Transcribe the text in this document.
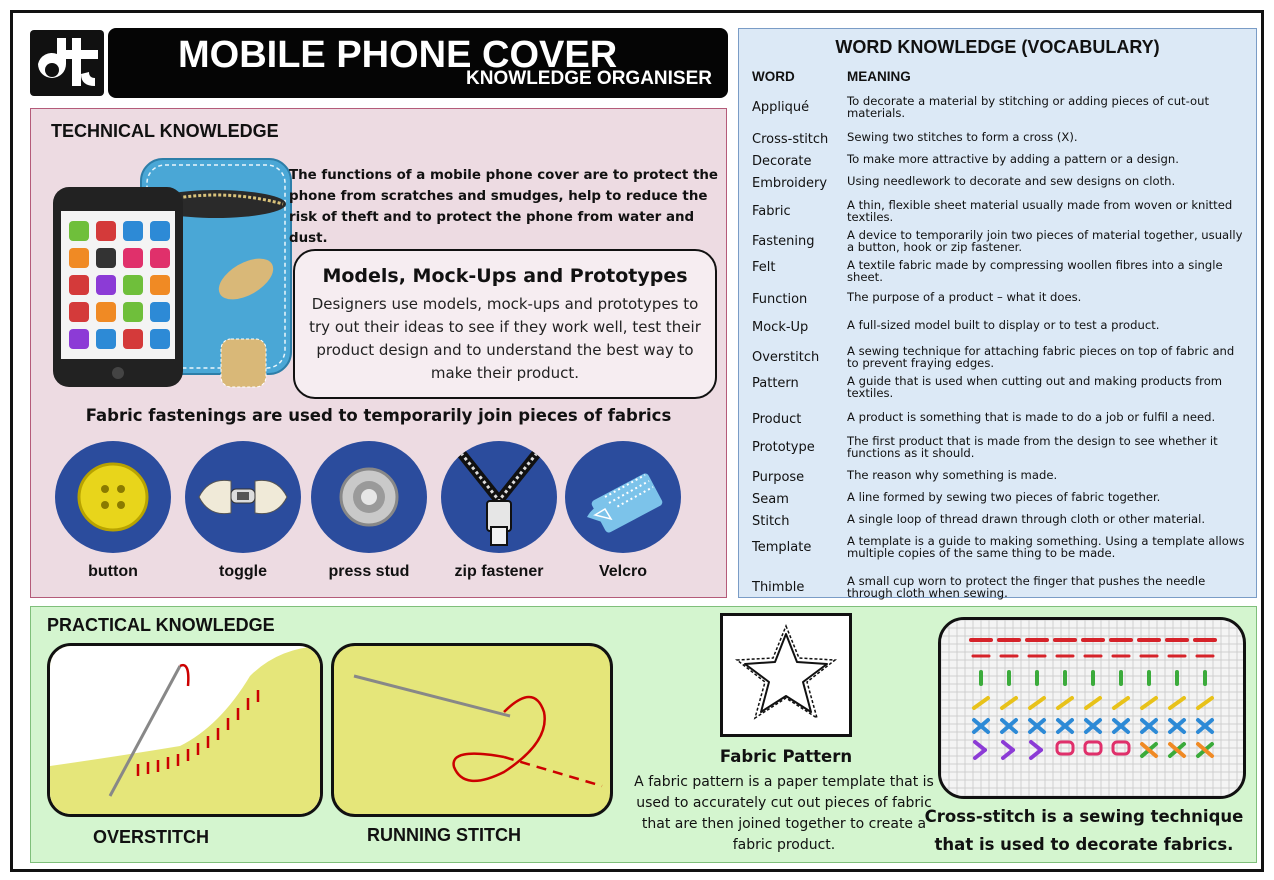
MOBILE PHONE COVER
KNOWLEDGE ORGANISER
TECHNICAL KNOWLEDGE
The functions of a mobile phone cover are to protect the phone from scratches and smudges, help to reduce the risk of theft and to protect the phone from water and dust.
Models, Mock-Ups and Prototypes
Designers use models, mock-ups and prototypes to try out their ideas to see if they work well, test their product design and to understand the best way to make their product.
Fabric fastenings are used to temporarily join pieces of fabrics
button	toggle	press stud	zip fastener	Velcro
WORD KNOWLEDGE (VOCABULARY)
WORD	MEANING
Appliqué	To decorate a material by stitching or adding pieces of cut-out materials.
Cross-stitch Sewing two stitches to form a cross (X).
Decorate	To make more attractive by adding a pattern or a design.
Embroidery Using needlework to decorate and sew designs on cloth.
Fabric	A thin, flexible sheet material usually made from woven or knitted textiles.
Fastening	A device to temporarily join two pieces of material together, usually a button, hook or zip fastener.
Felt	A textile fabric made by compressing woollen fibres into a single sheet.
Function	The purpose of a product – what it does.
Mock-Up	A full-sized model built to display or to test a product.
Overstitch A sewing technique for attaching fabric pieces on top of fabric and to prevent fraying edges.
Pattern	A guide that is used when cutting out and making products from textiles.
Product	A product is something that is made to do a job or fulfil a need.
Prototype	The first product that is made from the design to see whether it functions as it should.
Purpose	The reason why something is made.
Seam	A line formed by sewing two pieces of fabric together.
Stitch	A single loop of thread drawn through cloth or other material.
Template	A template is a guide to making something. Using a template allows multiple copies of the same thing to be made.
Thimble	A small cup worn to protect the finger that pushes the needle through cloth when sewing.
PRACTICAL KNOWLEDGE
OVERSTITCH	RUNNING STITCH
Fabric Pattern
A fabric pattern is a paper template that is used to accurately cut out pieces of fabric that are then joined together to create a fabric product.
Cross-stitch is a sewing technique that is used to decorate fabrics.
